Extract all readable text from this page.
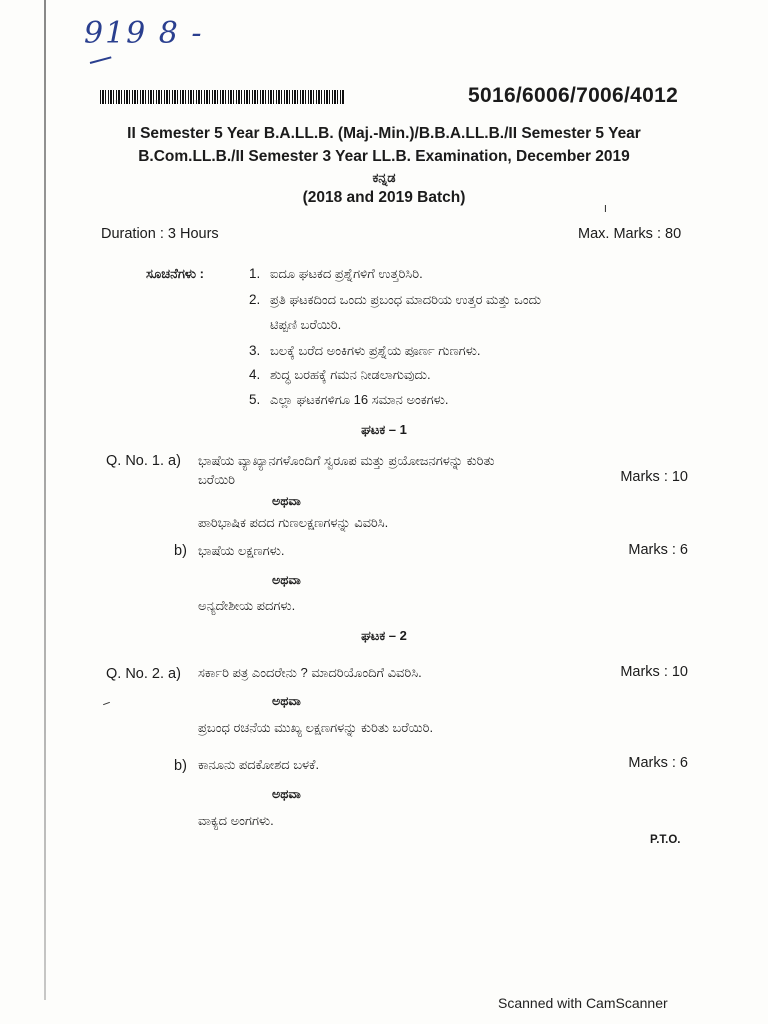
919 8 -
5016/6006/7006/4012
II Semester 5 Year B.A.LL.B. (Maj.-Min.)/B.B.A.LL.B./II Semester 5 Year
B.Com.LL.B./II Semester 3 Year LL.B. Examination, December 2019
ಕನ್ನಡ
(2018 and 2019 Batch)
I
Duration : 3 Hours	Max. Marks : 80
ಸೂಚನೆಗಳು :	1. ಐದೂ ಘಟಕದ ಪ್ರಶ್ನೆಗಳಿಗೆ ಉತ್ತರಿಸಿರಿ.
2. ಪ್ರತಿ ಘಟಕದಿಂದ ಒಂದು ಪ್ರಬಂಧ ಮಾದರಿಯ ಉತ್ತರ ಮತ್ತು ಒಂದು
ಟಿಪ್ಪಣಿ ಬರೆಯಿರಿ.
3. ಬಲಕ್ಕೆ ಬರೆದ ಅಂಕಿಗಳು ಪ್ರಶ್ನೆಯ ಪೂರ್ಣ ಗುಣಗಳು.
4. ಶುದ್ಧ ಬರಹಕ್ಕೆ ಗಮನ ನೀಡಲಾಗುವುದು.
5. ಎಲ್ಲಾ ಘಟಕಗಳಿಗೂ 16 ಸಮಾನ ಅಂಕಗಳು.
ಘಟಕ – 1
Q. No. 1. a) ಭಾಷೆಯ ವ್ಯಾಖ್ಯಾನಗಳೊಂದಿಗೆ ಸ್ವರೂಪ ಮತ್ತು ಪ್ರಯೋಜನಗಳನ್ನು ಕುರಿತು
ಬರೆಯಿರಿ	Marks : 10
ಅಥವಾ
ಪಾರಿಭಾಷಿಕ ಪದದ ಗುಣಲಕ್ಷಣಗಳನ್ನು ವಿವರಿಸಿ.
b) ಭಾಷೆಯ ಲಕ್ಷಣಗಳು.	Marks : 6
ಅಥವಾ
ಅನ್ಯದೇಶೀಯ ಪದಗಳು.
ಘಟಕ – 2
Q. No. 2. a) ಸರ್ಕಾರಿ ಪತ್ರ ಎಂದರೇನು ? ಮಾದರಿಯೊಂದಿಗೆ ವಿವರಿಸಿ.	Marks : 10
ಅಥವಾ
ಪ್ರಬಂಧ ರಚನೆಯ ಮುಖ್ಯ ಲಕ್ಷಣಗಳನ್ನು ಕುರಿತು ಬರೆಯಿರಿ.
b) ಕಾನೂನು ಪದಕೋಶದ ಬಳಕೆ.	Marks : 6
ಅಥವಾ
ವಾಕ್ಯದ ಅಂಗಗಳು.
P.T.O.
Scanned with CamScanner
